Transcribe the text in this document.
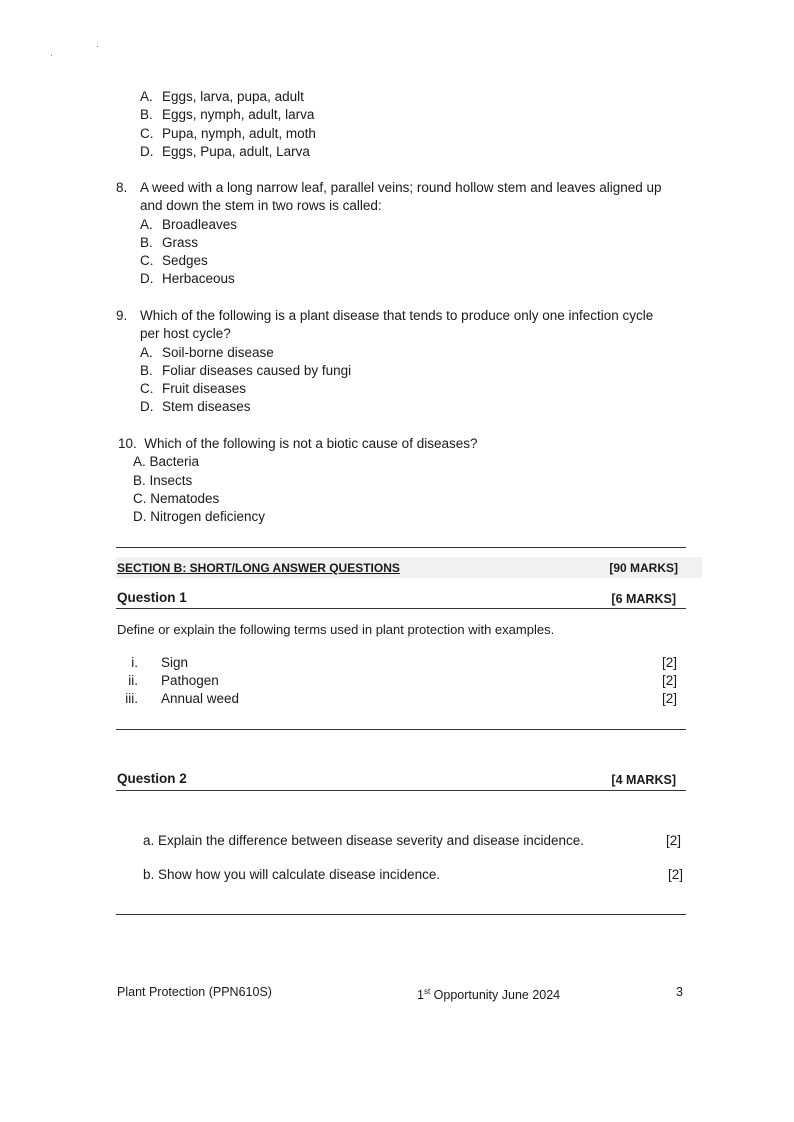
A. Eggs, larva, pupa, adult
B. Eggs, nymph, adult, larva
C. Pupa, nymph, adult, moth
D. Eggs, Pupa, adult, Larva
8. A weed with a long narrow leaf, parallel veins; round hollow stem and leaves aligned up
and down the stem in two rows is called:
A. Broadleaves
B. Grass
C. Sedges
D. Herbaceous
9. Which of the following is a plant disease that tends to produce only one infection cycle
per host cycle?
A. Soil-borne disease
B. Foliar diseases caused by fungi
C. Fruit diseases
D. Stem diseases
10. Which of the following is not a biotic cause of diseases?
A. Bacteria
B. Insects
C. Nematodes
D. Nitrogen deficiency
SECTION B: SHORT/LONG ANSWER QUESTIONS	[90 MARKS]
Question 1	[6 MARKS]
Define or explain the following terms used in plant protection with examples.
i. Sign	[2]
ii. Pathogen	[2]
iii. Annual weed	[2]
Question 2	[4 MARKS]
a. Explain the difference between disease severity and disease incidence.	[2]
b. Show how you will calculate disease incidence.	[2]
Plant Protection (PPN610S)	1st Opportunity June 2024	3
